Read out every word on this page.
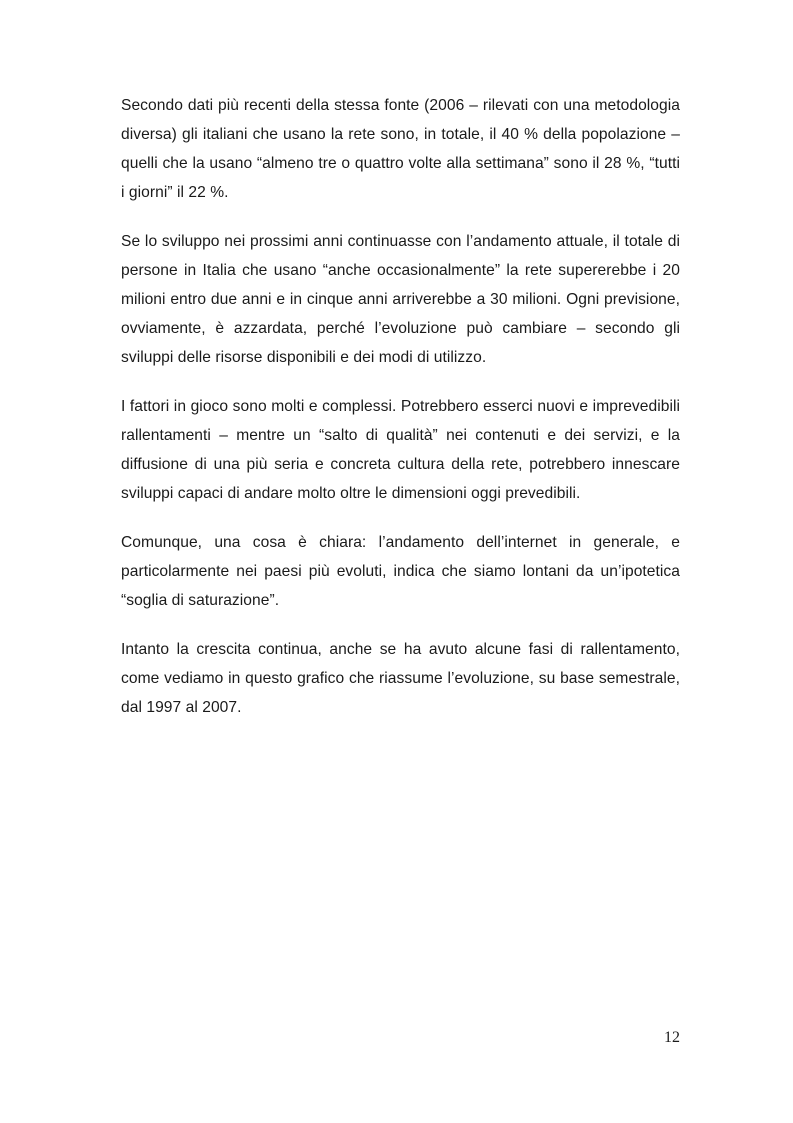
Secondo dati più recenti della stessa fonte (2006 – rilevati con una metodologia diversa) gli italiani che usano la rete sono, in totale, il 40 % della popolazione – quelli che la usano “almeno tre o quattro volte alla settimana” sono il 28 %, “tutti i giorni” il 22 %.

Se lo sviluppo nei prossimi anni continuasse con l’andamento attuale, il totale di persone in Italia che usano “anche occasionalmente” la rete supererebbe i 20 milioni entro due anni e in cinque anni arriverebbe a 30 milioni. Ogni previsione, ovviamente, è azzardata, perché l’evoluzione può cambiare – secondo gli sviluppi delle risorse disponibili e dei modi di utilizzo.

I fattori in gioco sono molti e complessi. Potrebbero esserci nuovi e imprevedibili rallentamenti – mentre un “salto di qualità” nei contenuti e dei servizi, e la diffusione di una più seria e concreta cultura della rete, potrebbero innescare sviluppi capaci di andare molto oltre le dimensioni oggi prevedibili.

Comunque, una cosa è chiara: l’andamento dell’internet in generale, e particolarmente nei paesi più evoluti, indica che siamo lontani da un’ipotetica “soglia di saturazione”.

Intanto la crescita continua, anche se ha avuto alcune fasi di rallentamento, come vediamo in questo grafico che riassume l’evoluzione, su base semestrale, dal 1997 al 2007.

12
